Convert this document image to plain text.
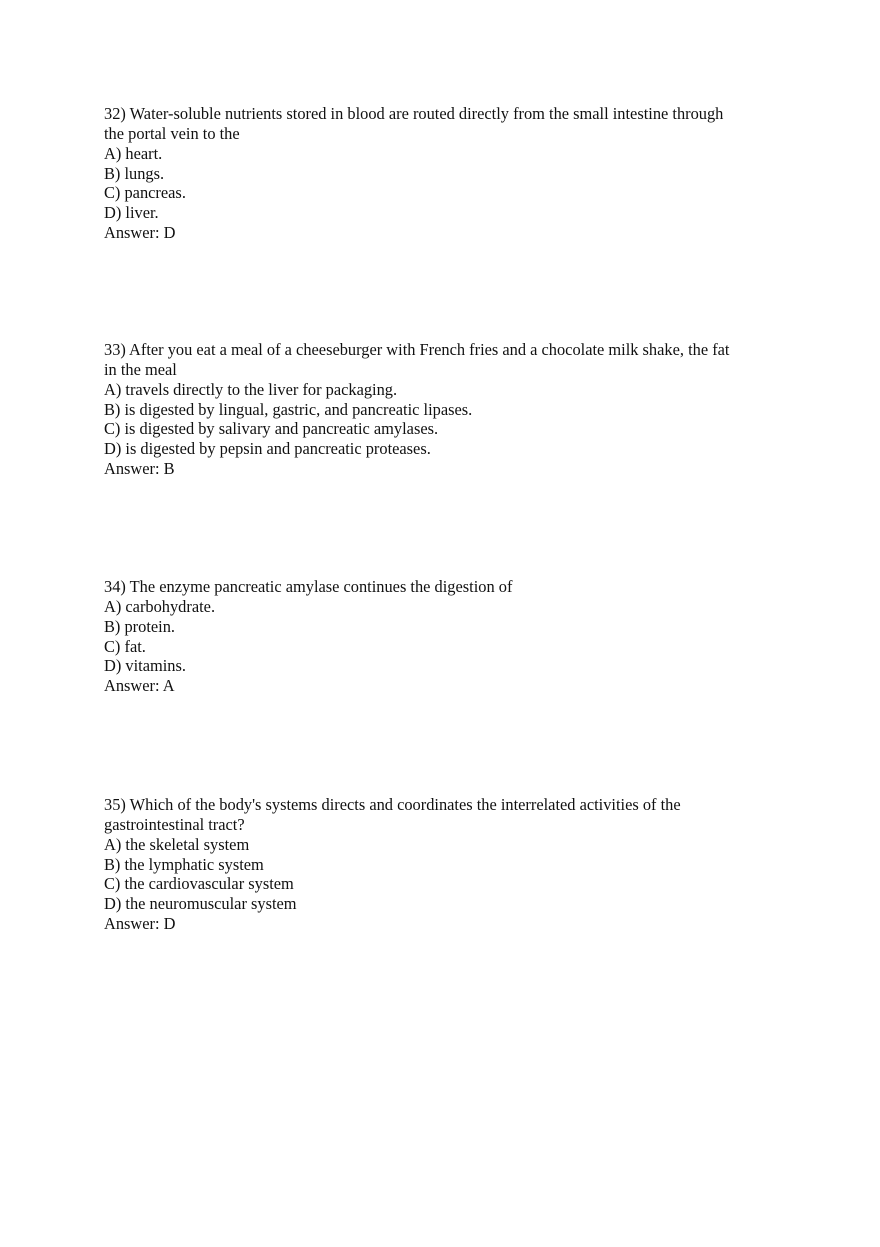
32) Water-soluble nutrients stored in blood are routed directly from the small intestine through
the portal vein to the
A) heart.
B) lungs.
C) pancreas.
D) liver.
Answer: D
33) After you eat a meal of a cheeseburger with French fries and a chocolate milk shake, the fat
in the meal
A) travels directly to the liver for packaging.
B) is digested by lingual, gastric, and pancreatic lipases.
C) is digested by salivary and pancreatic amylases.
D) is digested by pepsin and pancreatic proteases.
Answer: B
34) The enzyme pancreatic amylase continues the digestion of
A) carbohydrate.
B) protein.
C) fat.
D) vitamins.
Answer: A
35) Which of the body's systems directs and coordinates the interrelated activities of the
gastrointestinal tract?
A) the skeletal system
B) the lymphatic system
C) the cardiovascular system
D) the neuromuscular system
Answer: D
